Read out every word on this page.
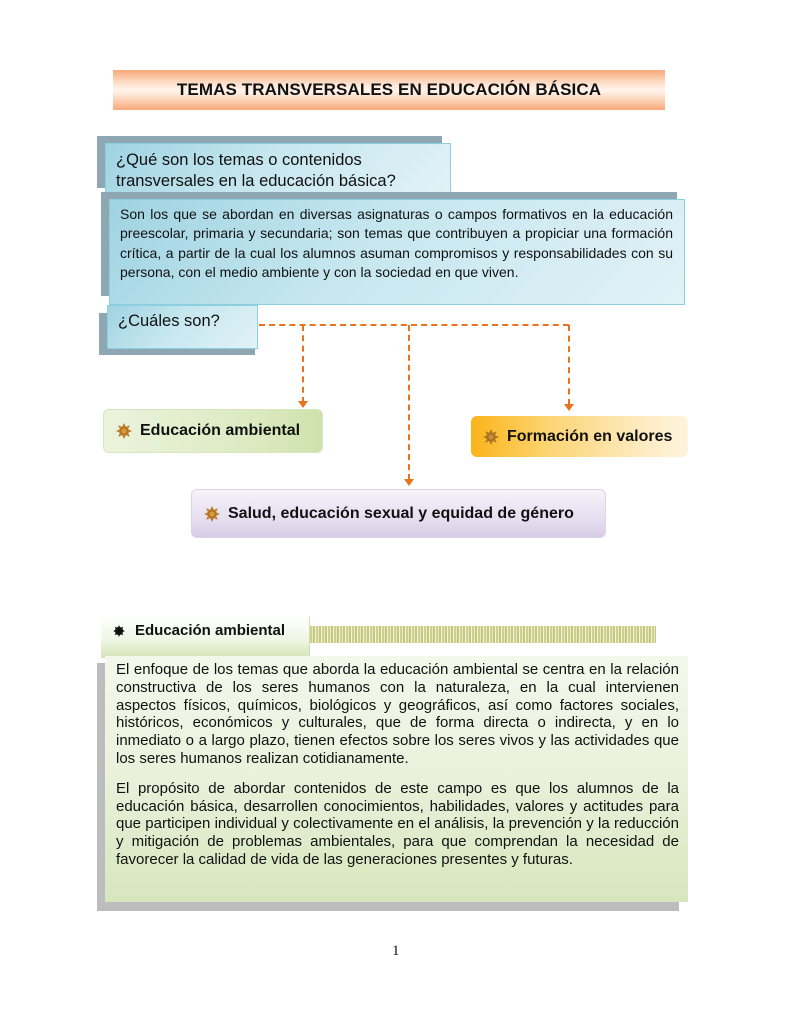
TEMAS TRANSVERSALES EN EDUCACIÓN BÁSICA
¿Qué son los temas o contenidos transversales en la educación básica?
Son los que se abordan en diversas asignaturas o campos formativos en la educación preescolar, primaria y secundaria; son temas que contribuyen a propiciar una formación crítica, a partir de la cual los alumnos asuman compromisos y responsabilidades con su persona, con el medio ambiente y con la sociedad en que viven.
¿Cuáles son?
Educación ambiental	Formación en valores
Salud, educación sexual y equidad de género
Educación ambiental

El enfoque de los temas que aborda la educación ambiental se centra en la relación constructiva de los seres humanos con la naturaleza, en la cual intervienen aspectos físicos, químicos, biológicos y geográficos, así como factores sociales, históricos, económicos y culturales, que de forma directa o indirecta, y en lo inmediato o a largo plazo, tienen efectos sobre los seres vivos y las actividades que los seres humanos realizan cotidianamente.

El propósito de abordar contenidos de este campo es que los alumnos de la educación básica, desarrollen conocimientos, habilidades, valores y actitudes para que participen individual y colectivamente en el análisis, la prevención y la reducción y mitigación de problemas ambientales, para que comprendan la necesidad de favorecer la calidad de vida de las generaciones presentes y futuras.

1
